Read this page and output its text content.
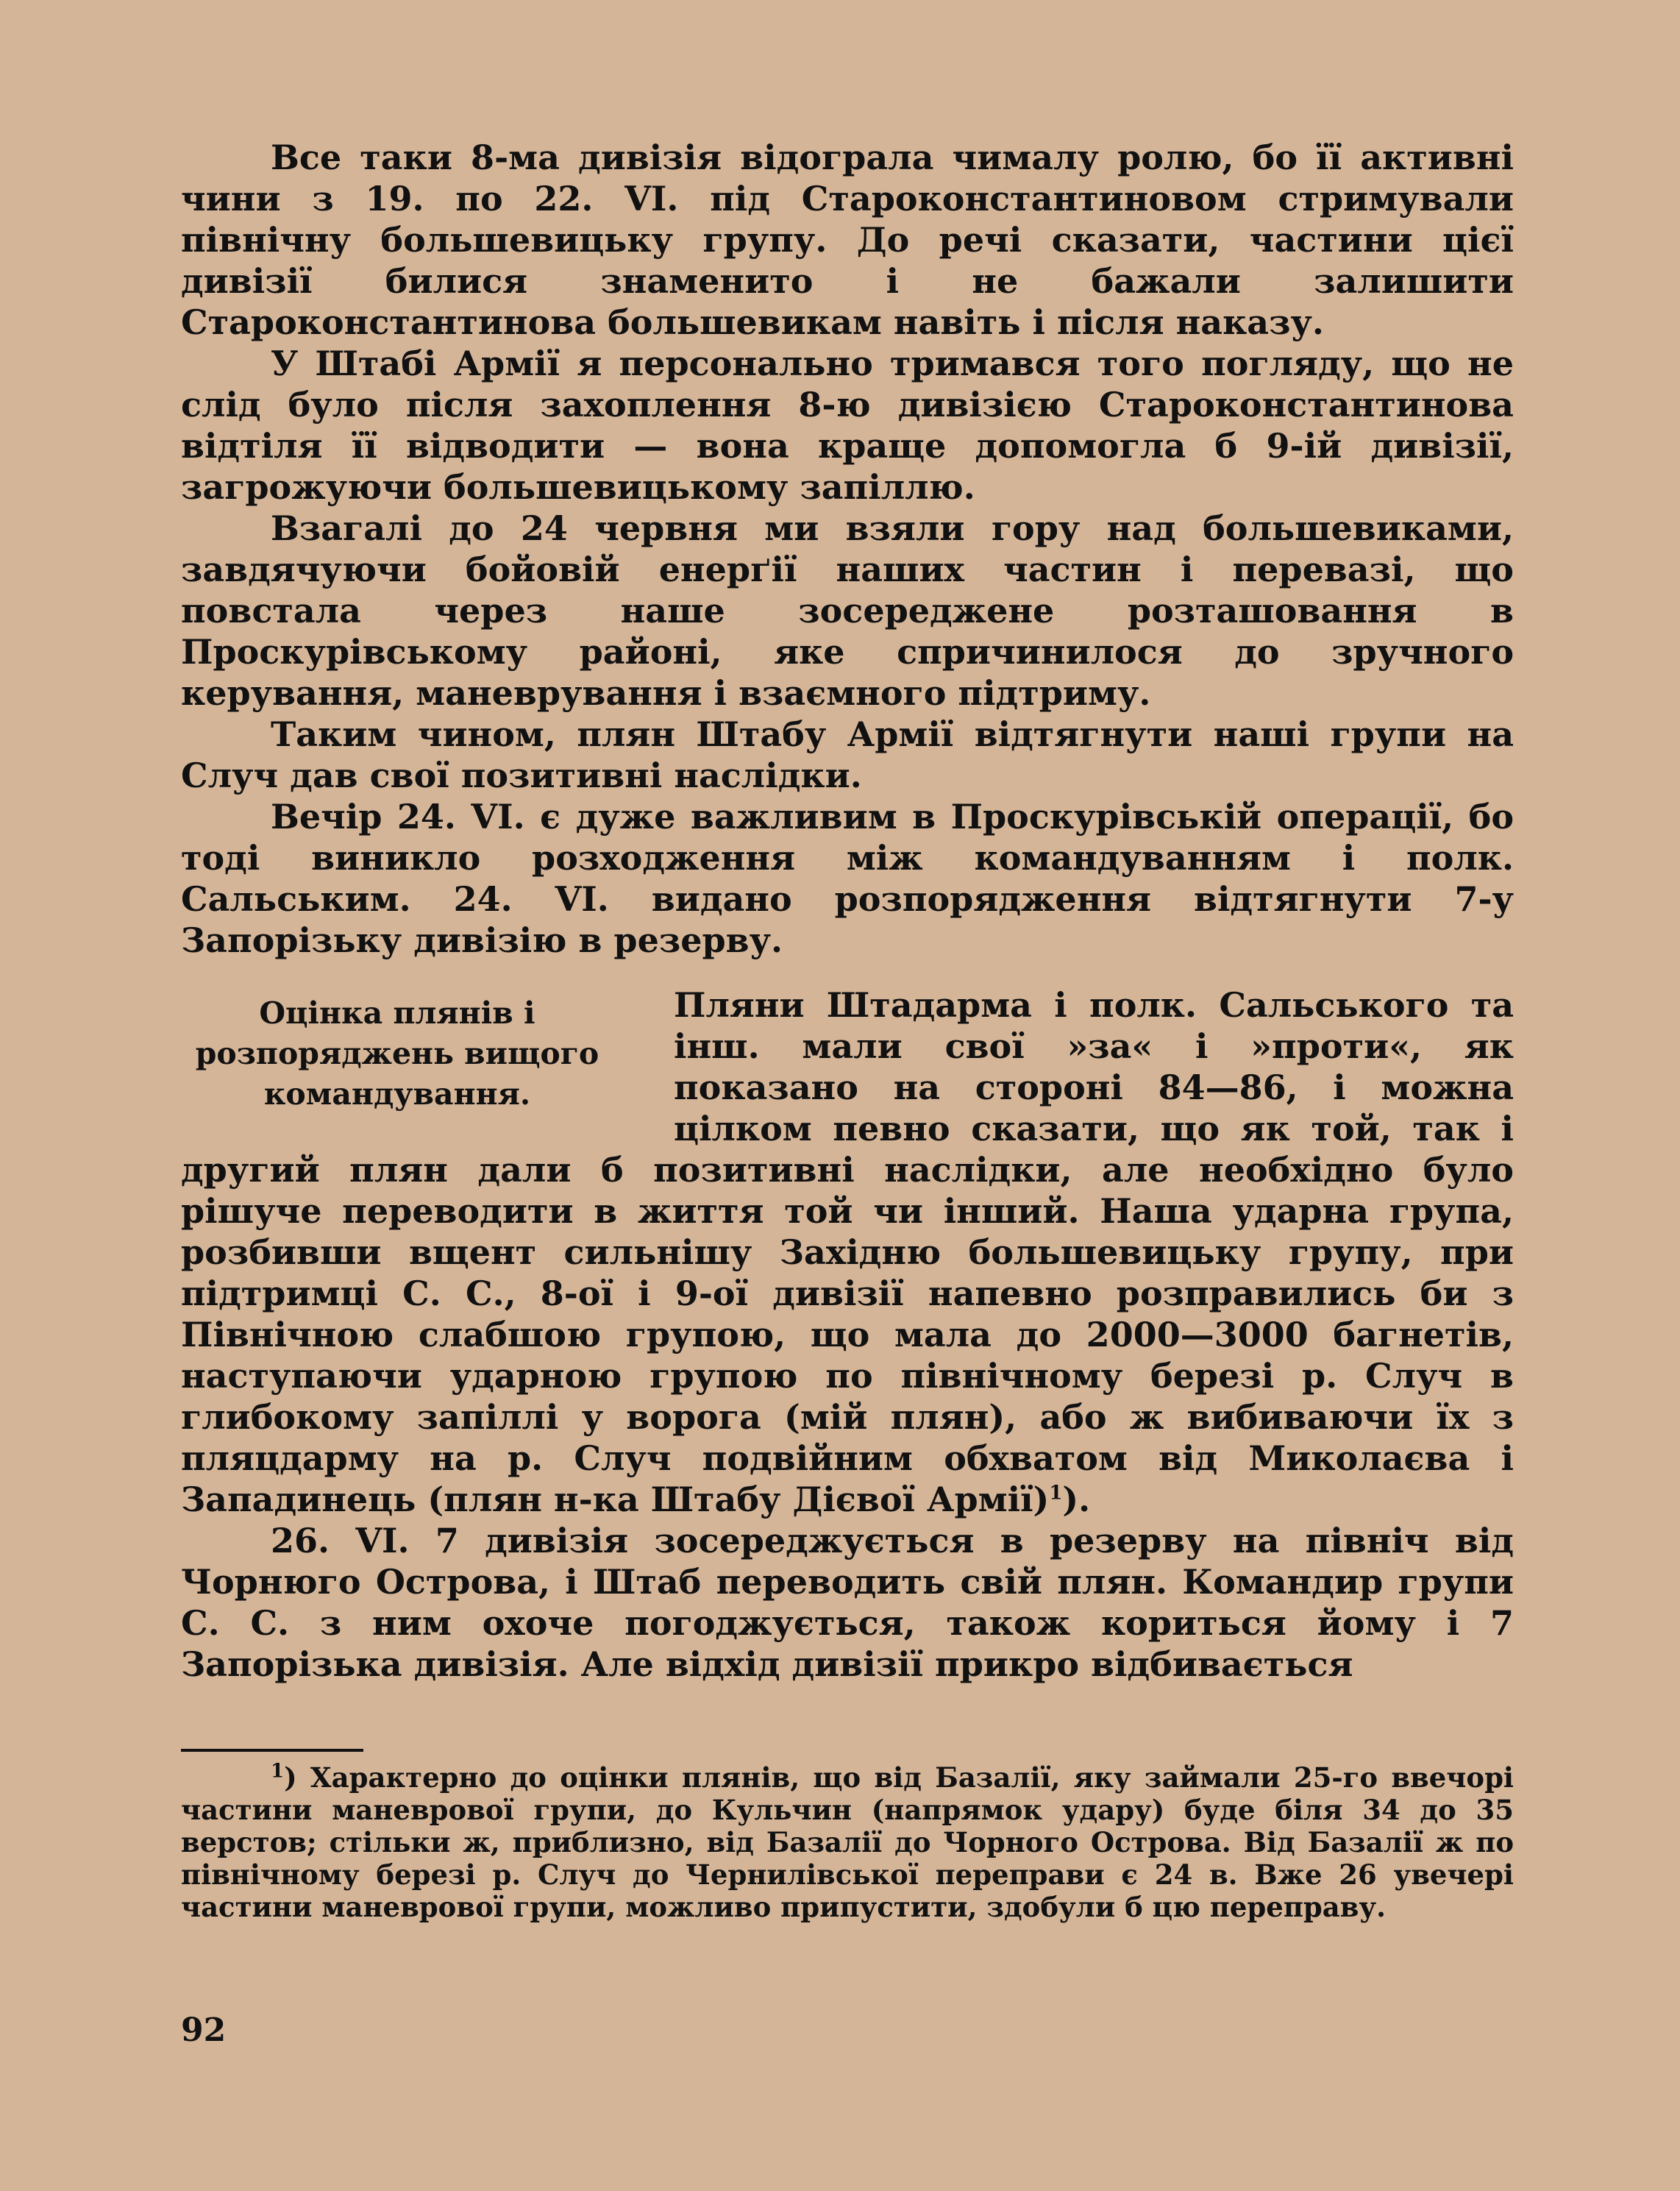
Все таки 8-ма дивізія відограла чималу ролю, бо її активні чини з 19. по 22. VI. під Староконстантиновом стримували північну большевицьку групу. До речі сказати, частини цієї дивізії билися знаменито і не бажали залишити Староконстантинова большевикам навіть і після наказу.

У Штабі Армії я персонально тримався того погляду, що не слід було після захоплення 8-ю дивізією Староконстантинова відтіля її відводити — вона краще допомогла б 9-ій дивізії, загрожуючи большевицькому запіллю.

Взагалі до 24 червня ми взяли гору над большевиками, завдячуючи бойовій енерґії наших частин і перевазі, що повстала через наше зосереджене розташовання в Проскурівському районі, яке спричинилося до зручного керування, маневрування і взаємного підтриму.

Таким чином, плян Штабу Армії відтягнути наші групи на Случ дав свої позитивні наслідки.

Вечір 24. VI. є дуже важливим в Проскурівській операції, бо тоді виникло розходження між командуванням і полк. Сальським. 24. VI. видано розпорядження відтягнути 7-у Запорізьку дивізію в резерву.

Оцінка плянів і розпоряджень вищого командування.

Пляни Штадарма і полк. Сальського та інш. мали свої »за« і »проти«, як показано на стороні 84—86, і можна цілком певно сказати, що як той, так і другий плян дали б позитивні наслідки, але необхідно було рішуче переводити в життя той чи інший. Наша ударна група, розбивши вщент сильнішу Західню большевицьку групу, при підтримці С. С., 8-ої і 9-ої дивізії напевно розправились би з Північною слабшою групою, що мала до 2000—3000 багнетів, наступаючи ударною групою по північному березі р. Случ в глибокому запіллі у ворога (мій плян), або ж вибиваючи їх з пляцдарму на р. Случ подвійним обхватом від Миколаєва і Западинець (плян н-ка Штабу Дієвої Армії)$^1$).

26. VI. 7 дивізія зосереджується в резерву на північ від Чорнюго Острова, і Штаб переводить свій плян. Командир групи С. С. з ним охоче погоджується, також кориться йому і 7 Запорізька дивізія. Але відхід дивізії прикро відбивається

$^1$) Характерно до оцінки плянів, що від Базалії, яку займали 25-го ввечорі частини маневрової групи, до Кульчин (напрямок удару) буде біля 34 до 35 верстов; стільки ж, приблизно, від Базалії до Чорного Острова. Від Базалії ж по північному березі р. Случ до Чернилівської переправи є 24 в. Вже 26 увечері частини маневрової групи, можливо припустити, здобули б цю переправу.

92
